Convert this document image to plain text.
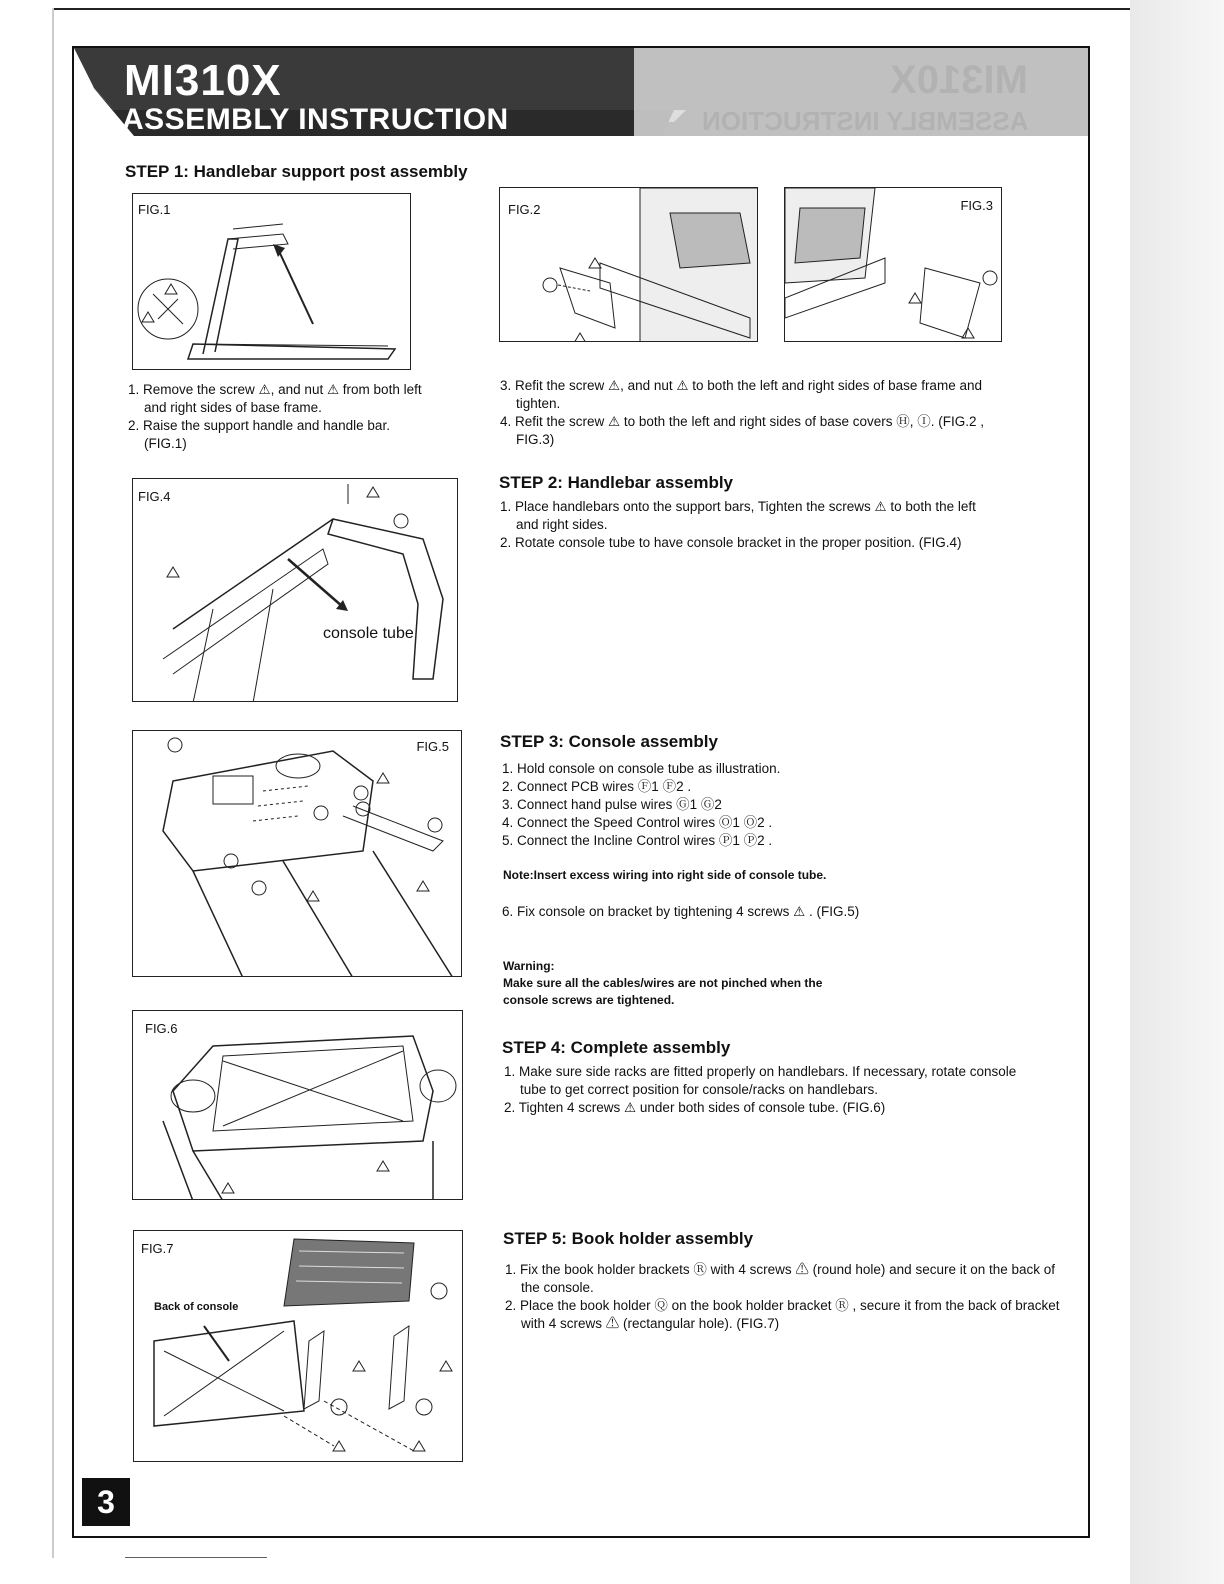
MI310X
ASSEMBLY INSTRUCTION
MI310X
ASSEMBLY INSTRUCTION
STEP 1: Handlebar support post assembly
FIG.1
1. Remove the screw ⚠, and nut ⚠ from both left and right sides of base frame.
2. Raise the support handle and handle bar. (FIG.1)
FIG.2	FIG.3
3. Refit the screw ⚠, and nut ⚠ to both the left and right sides of base frame and tighten.
4. Refit the screw ⚠ to both the left and right sides of base covers Ⓗ, Ⓘ. (FIG.2 , FIG.3)
FIG.4
console tube
STEP 2: Handlebar assembly
1. Place handlebars onto the support bars, Tighten the screws ⚠ to both the left and right sides.
2. Rotate console tube to have console bracket in the proper position. (FIG.4)
FIG.5	STEP 3: Console assembly
1. Hold console on console tube as illustration.
2. Connect PCB wires Ⓕ1 Ⓕ2 .
3. Connect hand pulse wires Ⓖ1 Ⓖ2
4. Connect the Speed Control wires Ⓞ1 Ⓞ2 .
5. Connect the Incline Control wires Ⓟ1 Ⓟ2 .
Note:Insert excess wiring into right side of console tube.
6. Fix console on bracket by tightening 4 screws ⚠ . (FIG.5)
Warning:
Make sure all the cables/wires are not pinched when the console screws are tightened.
FIG.6
STEP 4: Complete assembly
1. Make sure side racks are fitted properly on handlebars. If necessary, rotate console tube to get correct position for console/racks on handlebars.
2. Tighten 4 screws ⚠ under both sides of console tube. (FIG.6)
FIG.7
Back of console
STEP 5: Book holder assembly
1. Fix the book holder brackets Ⓡ with 4 screws ⚠ (round hole) and secure it on the back of the console.
2. Place the book holder Ⓠ on the book holder bracket Ⓡ , secure it from the back of bracket with 4 screws ⚠ (rectangular hole). (FIG.7)
3
